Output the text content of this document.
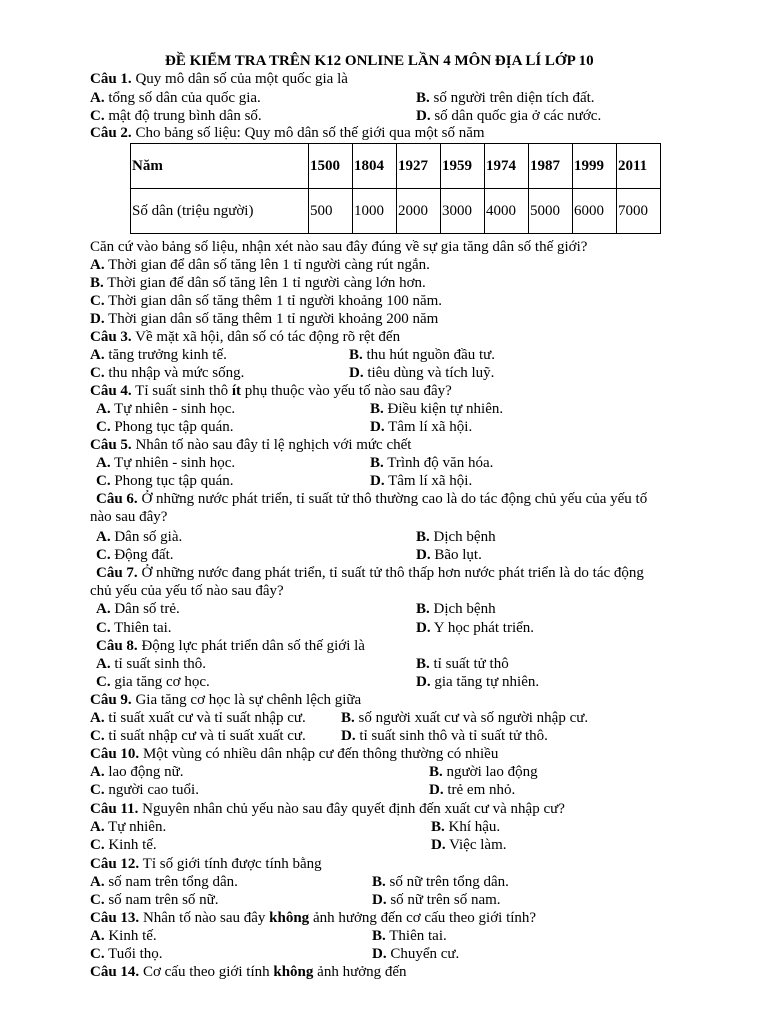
ĐỀ KIỂM TRA TRÊN K12 ONLINE LẦN 4 MÔN ĐỊA LÍ LỚP 10
Câu 1. Quy mô dân số của một quốc gia là
A. tổng số dân của quốc gia.	B. số người trên diện tích đất.
C. mật độ trung bình dân số.	D. số dân quốc gia ở các nước.
Câu 2. Cho bảng số liệu: Quy mô dân số thế giới qua một số năm
Năm	1500	1804	1927	1959	1974	1987	1999	2011
Số dân (triệu người)	500	1000	2000	3000	4000	5000	6000	7000
Căn cứ vào bảng số liệu, nhận xét nào sau đây đúng về sự gia tăng dân số thế giới?
A. Thời gian để dân số tăng lên 1 tỉ người càng rút ngắn.
B. Thời gian để dân số tăng lên 1 tỉ người càng lớn hơn.
C. Thời gian dân số tăng thêm 1 tỉ người khoảng 100 năm.
D. Thời gian dân số tăng thêm 1 tỉ người khoảng 200 năm
Câu 3. Về mặt xã hội, dân số có tác động rõ rệt đến
A. tăng trưởng kinh tế.	B. thu hút nguồn đầu tư.
C. thu nhập và mức sống.	D. tiêu dùng và tích luỹ.
Câu 4. Tỉ suất sinh thô ít phụ thuộc vào yếu tố nào sau đây?
A. Tự nhiên - sinh học.	B. Điều kiện tự nhiên.
C. Phong tục tập quán.	D. Tâm lí xã hội.
Câu 5. Nhân tố nào sau đây tỉ lệ nghịch với mức chết
A. Tự nhiên - sinh học.	B. Trình độ văn hóa.
C. Phong tục tập quán.	D. Tâm lí xã hội.
Câu 6. Ở những nước phát triển, tỉ suất tử thô thường cao là do tác động chủ yếu của yếu tố
nào sau đây?
A. Dân số già.	B. Dịch bệnh
C. Động đất.	D. Bão lụt.
Câu 7. Ở những nước đang phát triển, tỉ suất tử thô thấp hơn nước phát triển là do tác động
chủ yếu của yếu tố nào sau đây?
A. Dân số trẻ.	B. Dịch bệnh
C. Thiên tai.	D. Y học phát triển.
Câu 8. Động lực phát triển dân số thế giới là
A. tỉ suất sinh thô.	B. tỉ suất tử thô
C. gia tăng cơ học.	D. gia tăng tự nhiên.
Câu 9. Gia tăng cơ học là sự chênh lệch giữa
A. tỉ suất xuất cư và tỉ suất nhập cư. B. số người xuất cư và số người nhập cư.
C. tỉ suất nhập cư và tỉ suất xuất cư. D. tỉ suất sinh thô và tỉ suất tử thô.
Câu 10. Một vùng có nhiều dân nhập cư đến thông thường có nhiều
A. lao động nữ.	B. người lao động
C. người cao tuổi.	D. trẻ em nhỏ.
Câu 11. Nguyên nhân chủ yếu nào sau đây quyết định đến xuất cư và nhập cư?
A. Tự nhiên.	B. Khí hậu.
C. Kinh tế.	D. Việc làm.
Câu 12. Tỉ số giới tính được tính bằng
A. số nam trên tổng dân.	B. số nữ trên tổng dân.
C. số nam trên số nữ.	D. số nữ trên số nam.
Câu 13. Nhân tố nào sau đây không ảnh hưởng đến cơ cấu theo giới tính?
A. Kinh tế.	B. Thiên tai.
C. Tuổi thọ.	D. Chuyển cư.
Câu 14. Cơ cấu theo giới tính không ảnh hưởng đến
